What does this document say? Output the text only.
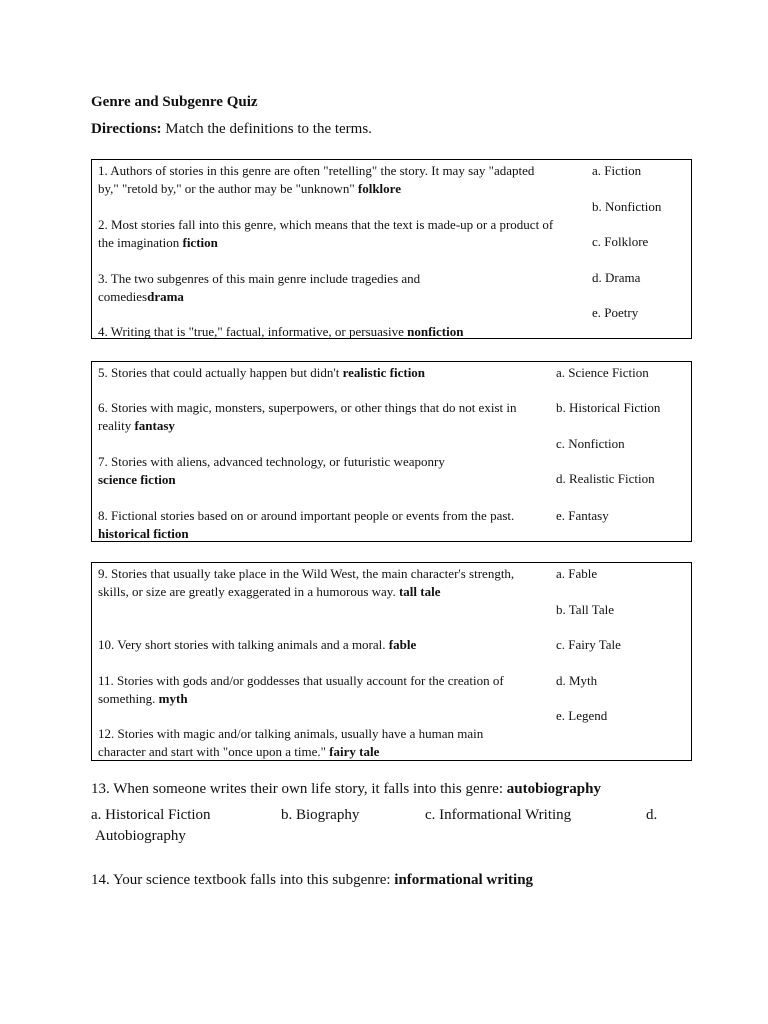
Genre and Subgenre Quiz
Directions: Match the definitions to the terms.
1. Authors of stories in this genre are often "retelling" the story. It may say "adapted by," "retold by," or the author may be "unknown" folklore
2. Most stories fall into this genre, which means that the text is made-up or a product of the imagination fiction
3. The two subgenres of this main genre include tragedies and comediesdrama
4. Writing that is "true," factual, informative, or persuasive nonfiction
a. Fiction
b. Nonfiction
c. Folklore
d. Drama
e. Poetry
5. Stories that could actually happen but didn't realistic fiction
6. Stories with magic, monsters, superpowers, or other things that do not exist in reality fantasy
7. Stories with aliens, advanced technology, or futuristic weaponry science fiction
8. Fictional stories based on or around important people or events from the past. historical fiction
a. Science Fiction
b. Historical Fiction
c. Nonfiction
d. Realistic Fiction
e. Fantasy
9. Stories that usually take place in the Wild West, the main character's strength, skills, or size are greatly exaggerated in a humorous way. tall tale
10. Very short stories with talking animals and a moral. fable
11. Stories with gods and/or goddesses that usually account for the creation of something. myth
12. Stories with magic and/or talking animals, usually have a human main character and start with "once upon a time." fairy tale
a. Fable
b. Tall Tale
c. Fairy Tale
d. Myth
e. Legend
13. When someone writes their own life story, it falls into this genre: autobiography
a. Historical Fiction	b. Biography	c. Informational Writing	d.
Autobiography
14. Your science textbook falls into this subgenre: informational writing
